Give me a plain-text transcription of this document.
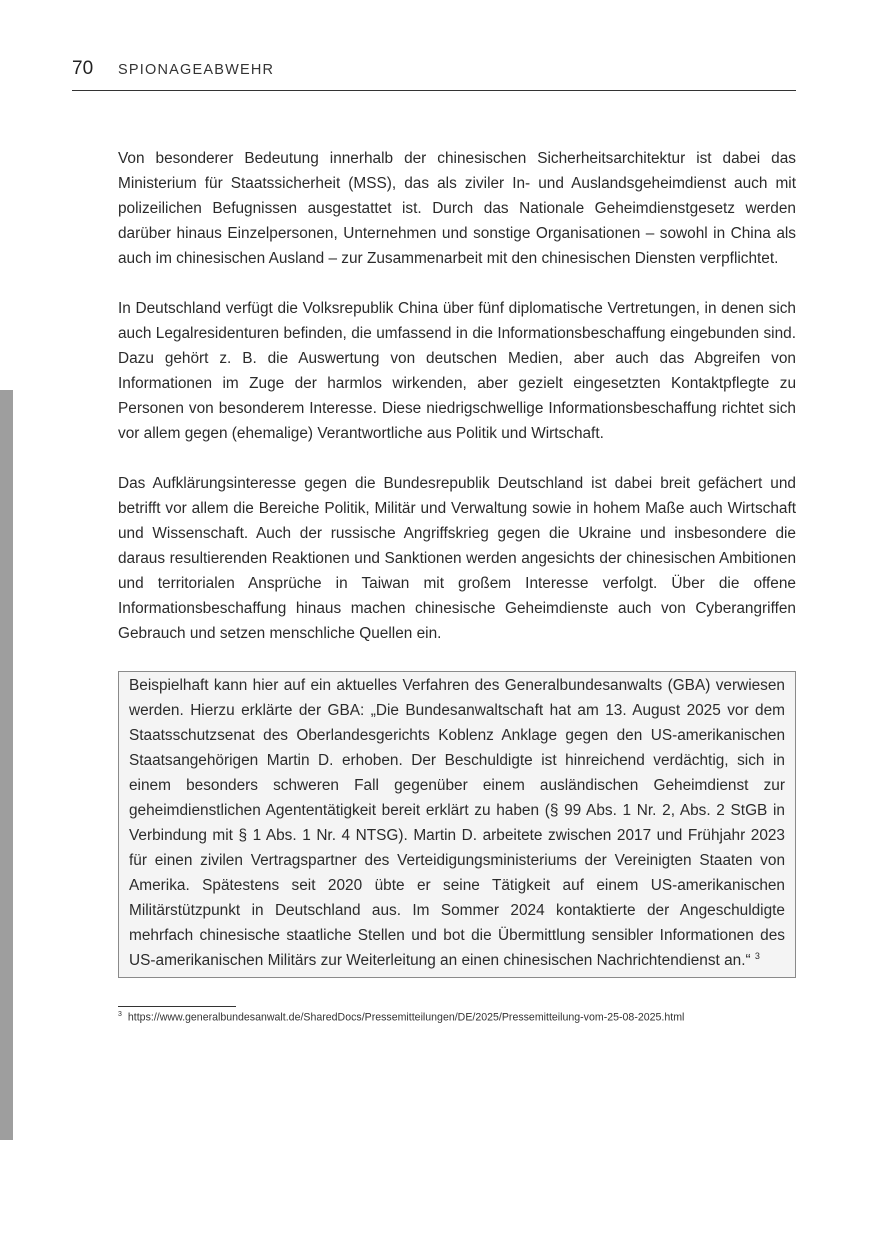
70 SPIONAGEABWEHR

Von besonderer Bedeutung innerhalb der chinesischen Sicherheitsarchitektur ist dabei das Ministerium für Staatssicherheit (MSS), das als ziviler In- und Auslandsgeheimdienst auch mit polizeilichen Befugnissen ausgestattet ist. Durch das Nationale Geheimdienstgesetz werden darüber hinaus Einzelpersonen, Unternehmen und sonstige Organisationen – sowohl in China als auch im chinesischen Ausland – zur Zusammenarbeit mit den chinesischen Diensten verpflichtet.

In Deutschland verfügt die Volksrepublik China über fünf diplomatische Vertretungen, in denen sich auch Legalresidenturen befinden, die umfassend in die Informationsbeschaffung eingebunden sind. Dazu gehört z. B. die Auswertung von deutschen Medien, aber auch das Abgreifen von Informationen im Zuge der harmlos wirkenden, aber gezielt eingesetzten Kontaktpflegte zu Personen von besonderem Interesse. Diese niedrigschwellige Informationsbeschaffung richtet sich vor allem gegen (ehemalige) Verantwortliche aus Politik und Wirtschaft.

Das Aufklärungsinteresse gegen die Bundesrepublik Deutschland ist dabei breit gefächert und betrifft vor allem die Bereiche Politik, Militär und Verwaltung sowie in hohem Maße auch Wirtschaft und Wissenschaft. Auch der russische Angriffskrieg gegen die Ukraine und insbesondere die daraus resultierenden Reaktionen und Sanktionen werden angesichts der chinesischen Ambitionen und territorialen Ansprüche in Taiwan mit großem Interesse verfolgt. Über die offene Informationsbeschaffung hinaus machen chinesische Geheimdienste auch von Cyberangriffen Gebrauch und setzen menschliche Quellen ein.

Beispielhaft kann hier auf ein aktuelles Verfahren des Generalbundesanwalts (GBA) verwiesen werden. Hierzu erklärte der GBA: „Die Bundesanwaltschaft hat am 13. August 2025 vor dem Staatsschutzsenat des Oberlandesgerichts Koblenz Anklage gegen den US-amerikanischen Staatsangehörigen Martin D. erhoben. Der Beschuldigte ist hinreichend verdächtig, sich in einem besonders schweren Fall gegenüber einem ausländischen Geheimdienst zur geheimdienstlichen Agententätigkeit bereit erklärt zu haben (§ 99 Abs. 1 Nr. 2, Abs. 2 StGB in Verbindung mit § 1 Abs. 1 Nr. 4 NTSG). Martin D. arbeitete zwischen 2017 und Frühjahr 2023 für einen zivilen Vertragspartner des Verteidigungsministeriums der Vereinigten Staaten von Amerika. Spätestens seit 2020 übte er seine Tätigkeit auf einem US-amerikanischen Militärstützpunkt in Deutschland aus. Im Sommer 2024 kontaktierte der Angeschuldigte mehrfach chinesische staatliche Stellen und bot die Übermittlung sensibler Informationen des US-amerikanischen Militärs zur Weiterleitung an einen chinesischen Nachrichtendienst an.“ $^3$

$^3$ https://www.generalbundesanwalt.de/SharedDocs/Pressemitteilungen/DE/2025/Pressemitteilung-vom-25-08-2025.html
